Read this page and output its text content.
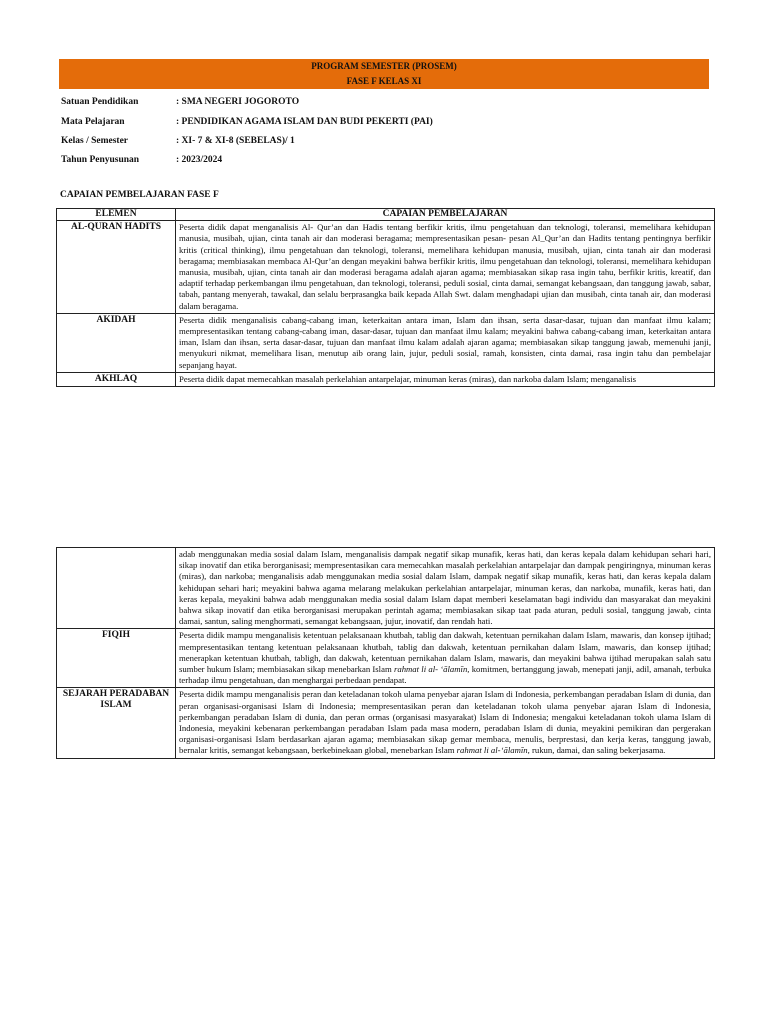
PROGRAM SEMESTER (PROSEM)
FASE F KELAS XI
Satuan Pendidikan	: SMA NEGERI JOGOROTO
Mata Pelajaran	: PENDIDIKAN AGAMA ISLAM DAN BUDI PEKERTI (PAI)
Kelas / Semester	: XI- 7 & XI-8 (SEBELAS)/ 1
Tahun Penyusunan	: 2023/2024
CAPAIAN PEMBELAJARAN FASE F
ELEMEN	CAPAIAN PEMBELAJARAN
AL-QURAN HADITS	Peserta didik dapat menganalisis Al- Qur’an dan Hadis tentang berfikir kritis, ilmu pengetahuan dan teknologi, toleransi, memelihara kehidupan manusia, musibah, ujian, cinta tanah air dan moderasi beragama; mempresentasikan pesan- pesan Al_Qur’an dan Hadits tentang pentingnya berfikir kritis (critical thinking), ilmu pengetahuan dan teknologi, toleransi, memelihara kehidupan manusia, musibah, ujian, cinta tanah air dan moderasi beragama; membiasakan membaca Al-Qur’an dengan meyakini bahwa berfikir kritis, ilmu pengetahuan dan teknologi, toleransi, memelihara kehidupan manusia, musibah, ujian, cinta tanah air dan moderasi beragama adalah ajaran agama; membiasakan sikap rasa ingin tahu, berfikir kritis, kreatif, dan adaptif terhadap perkembangan ilmu pengetahuan, dan teknologi, toleransi, peduli sosial, cinta damai, semangat kebangsaan, dan tanggung jawab, sabar, tabah, pantang menyerah, tawakal, dan selalu berprasangka baik kepada Allah Swt. dalam menghadapi ujian dan musibah, cinta tanah air, dan moderasi dalam beragama.
AKIDAH	Peserta didik menganalisis cabang-cabang iman, keterkaitan antara iman, Islam dan ihsan, serta dasar-dasar, tujuan dan manfaat ilmu kalam; mempresentasikan tentang cabang-cabang iman, dasar-dasar, tujuan dan manfaat ilmu kalam; meyakini bahwa cabang-cabang iman, keterkaitan antara iman, Islam dan ihsan, serta dasar-dasar, tujuan dan manfaat ilmu kalam adalah ajaran agama; membiasakan sikap tanggung jawab, memenuhi janji, menyukuri nikmat, memelihara lisan, menutup aib orang lain, jujur, peduli sosial, ramah, konsisten, cinta damai, rasa ingin tahu dan pembelajar sepanjang hayat.
AKHLAQ	Peserta didik dapat memecahkan masalah perkelahian antarpelajar, minuman keras (miras), dan narkoba dalam Islam; menganalisis
	adab menggunakan media sosial dalam Islam, menganalisis dampak negatif sikap munafik, keras hati, dan keras kepala dalam kehidupan sehari hari, sikap inovatif dan etika berorganisasi; mempresentasikan cara memecahkan masalah perkelahian antarpelajar dan dampak pengiringnya, minuman keras (miras), dan narkoba; menganalisis adab menggunakan media sosial dalam Islam, dampak negatif sikap munafik, keras hati, dan keras kepala dalam kehidupan sehari hari; meyakini bahwa agama melarang melakukan perkelahian antarpelajar, minuman keras, dan narkoba, munafik, keras hati, dan keras kepala, meyakini bahwa adab menggunakan media sosial dalam Islam dapat memberi keselamatan bagi individu dan masyarakat dan meyakini bahwa sikap inovatif dan etika berorganisasi merupakan perintah agama; membiasakan sikap taat pada aturan, peduli sosial, tanggung jawab, cinta damai, santun, saling menghormati, semangat kebangsaan, jujur, inovatif, dan rendah hati.
FIQIH	Peserta didik mampu menganalisis ketentuan pelaksanaan khutbah, tablig dan dakwah, ketentuan pernikahan dalam Islam, mawaris, dan konsep ijtihad; mempresentasikan tentang ketentuan pelaksanaan khutbah, tablig dan dakwah, ketentuan pernikahan dalam Islam, mawaris, dan konsep ijtihad; menerapkan ketentuan khutbah, tabligh, dan dakwah, ketentuan pernikahan dalam Islam, mawaris, dan meyakini bahwa ijtihad merupakan salah satu sumber hukum Islam; membiasakan sikap menebarkan Islam rahmat li al- ‘ālamīn, komitmen, bertanggung jawab, menepati janji, adil, amanah, terbuka terhadap ilmu pengetahuan, dan menghargai perbedaan pendapat.
SEJARAH PERADABAN ISLAM	Peserta didik mampu menganalisis peran dan keteladanan tokoh ulama penyebar ajaran Islam di Indonesia, perkembangan peradaban Islam di dunia, dan peran organisasi-organisasi Islam di Indonesia; mempresentasikan peran dan keteladanan tokoh ulama penyebar ajaran Islam di Indonesia, perkembangan peradaban Islam di dunia, dan peran ormas (organisasi masyarakat) Islam di Indonesia; mengakui keteladanan tokoh ulama Islam di Indonesia, meyakini kebenaran perkembangan peradaban Islam pada masa modern, peradaban Islam di dunia, meyakini pemikiran dan pergerakan organisasi-organisasi Islam berdasarkan ajaran agama; membiasakan sikap gemar membaca, menulis, berprestasi, dan kerja keras, tanggung jawab, bernalar kritis, semangat kebangsaan, berkebinekaan global, menebarkan Islam rahmat li al-‘ālamīn, rukun, damai, dan saling bekerjasama.
